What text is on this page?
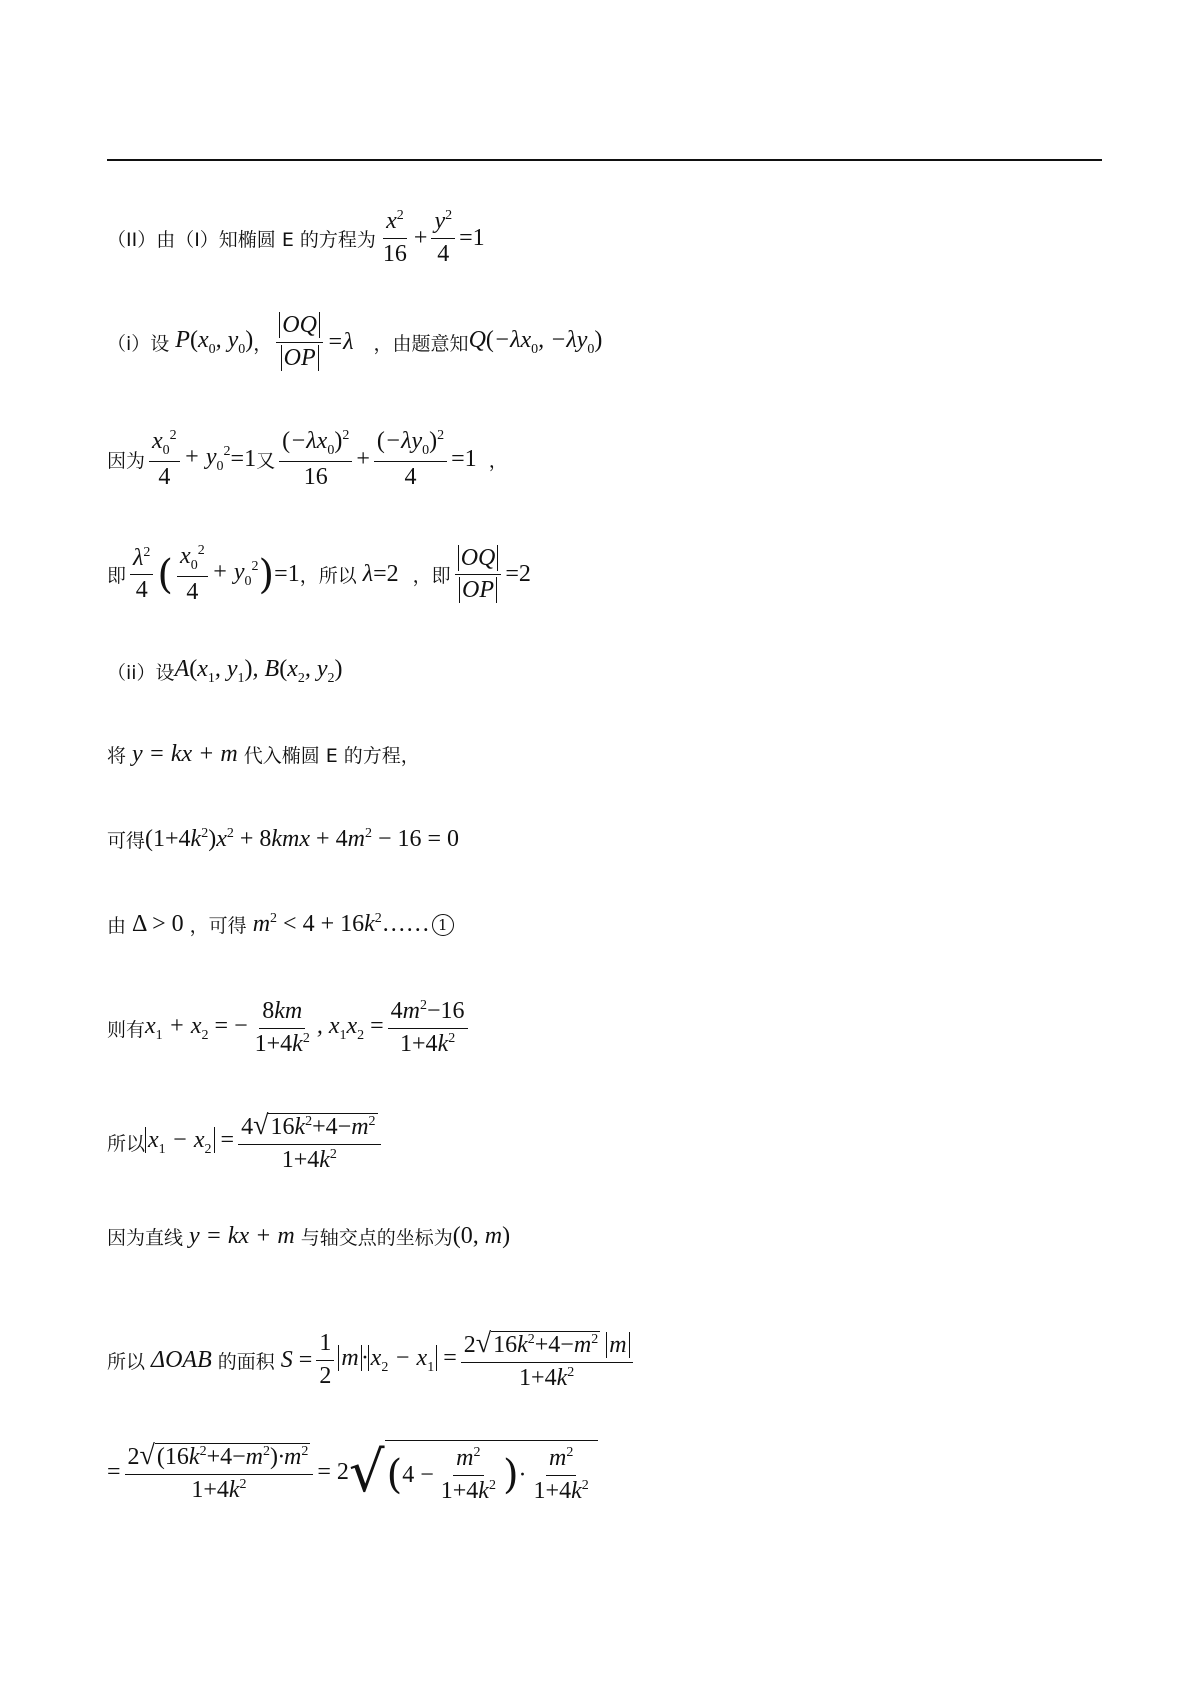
（II）由（I）知椭圆 E 的方程为 $\frac{x^2}{16} + \frac{y^2}{4} =1$
（i）设 $P(x_0$, $y_0$) ， $\frac{OQ}{OP} =\lambda$ ，由题意知 $Q(-\lambda x_0$, $-\lambda y_0$)
因为 $\frac{x_0^2}{4} + y_0^2 =1$ 又 $\frac{(-\lambda x_0)^2}{16} + \frac{(-\lambda y_0)^2}{4} =1$ ，
即 $\frac{\lambda^2}{4}$ ( $\frac{x_0^2}{4} + y_0^2$ ) =1 ，所以 λ =2 ，即 $\frac{OQ}{OP} =2$
（ii）设 $A(x_1$, $y_1$), $B(x_2$, $y_2$)
将 y = kx + m 代入椭圆 E 的方程，
可得 $(1+4k^2)x^2 + 8kmx + 4m^2 - 16 = 0$
由 Δ > 0 ，可得 $m^2 < 4 + 16k^2$ …… 1
则有 $x_1 + x_2$ = − $\frac{8km}{1+4k^2}$ , $x_1x_2 = \frac{4m^2-16}{1+4k^2}$
所以 $x_1 - x_2 = \frac{4√16k^2+4-m^2}{1+4k^2}$
因为直线 y = kx + m 与轴交点的坐标为 (0, m)
所以 ΔOAB 的面积 $S = \frac{1}{2}$ $m \cdot x_2 - x_1 = \frac{2√16k^2+4-m^2 m}{1+4k^2}$
= $\frac{2√(16k^2+4-m^2)\cdot m^2}{1+4k^2} = 2$ √ ( $4 - \frac{m^2}{1+4k^2}$ ) · $\frac{m^2}{1+4k^2}$
